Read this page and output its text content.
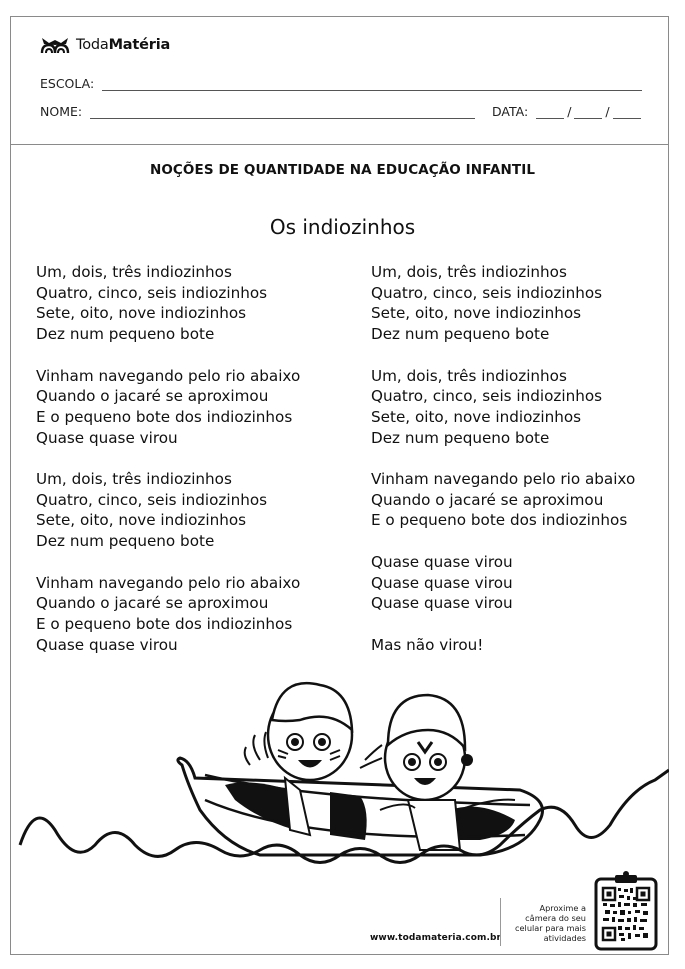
TodaMatéria
ESCOLA:
NOME:	DATA:	/	/
NOÇÕES DE QUANTIDADE NA EDUCAÇÃO INFANTIL
Os indiozinhos
Um, dois, três indiozinhos
Quatro, cinco, seis indiozinhos
Sete, oito, nove indiozinhos
Dez num pequeno bote
Vinham navegando pelo rio abaixo
Quando o jacaré se aproximou
E o pequeno bote dos indiozinhos
Quase quase virou
Um, dois, três indiozinhos
Quatro, cinco, seis indiozinhos
Sete, oito, nove indiozinhos
Dez num pequeno bote
Vinham navegando pelo rio abaixo
Quando o jacaré se aproximou
E o pequeno bote dos indiozinhos
Quase quase virou
Um, dois, três indiozinhos
Quatro, cinco, seis indiozinhos
Sete, oito, nove indiozinhos
Dez num pequeno bote
Um, dois, três indiozinhos
Quatro, cinco, seis indiozinhos
Sete, oito, nove indiozinhos
Dez num pequeno bote
Vinham navegando pelo rio abaixo
Quando o jacaré se aproximou
E o pequeno bote dos indiozinhos
Quase quase virou
Quase quase virou
Quase quase virou
Mas não virou!
www.todamateria.com.br
Aproxime a
câmera do seu
celular para mais
atividades
